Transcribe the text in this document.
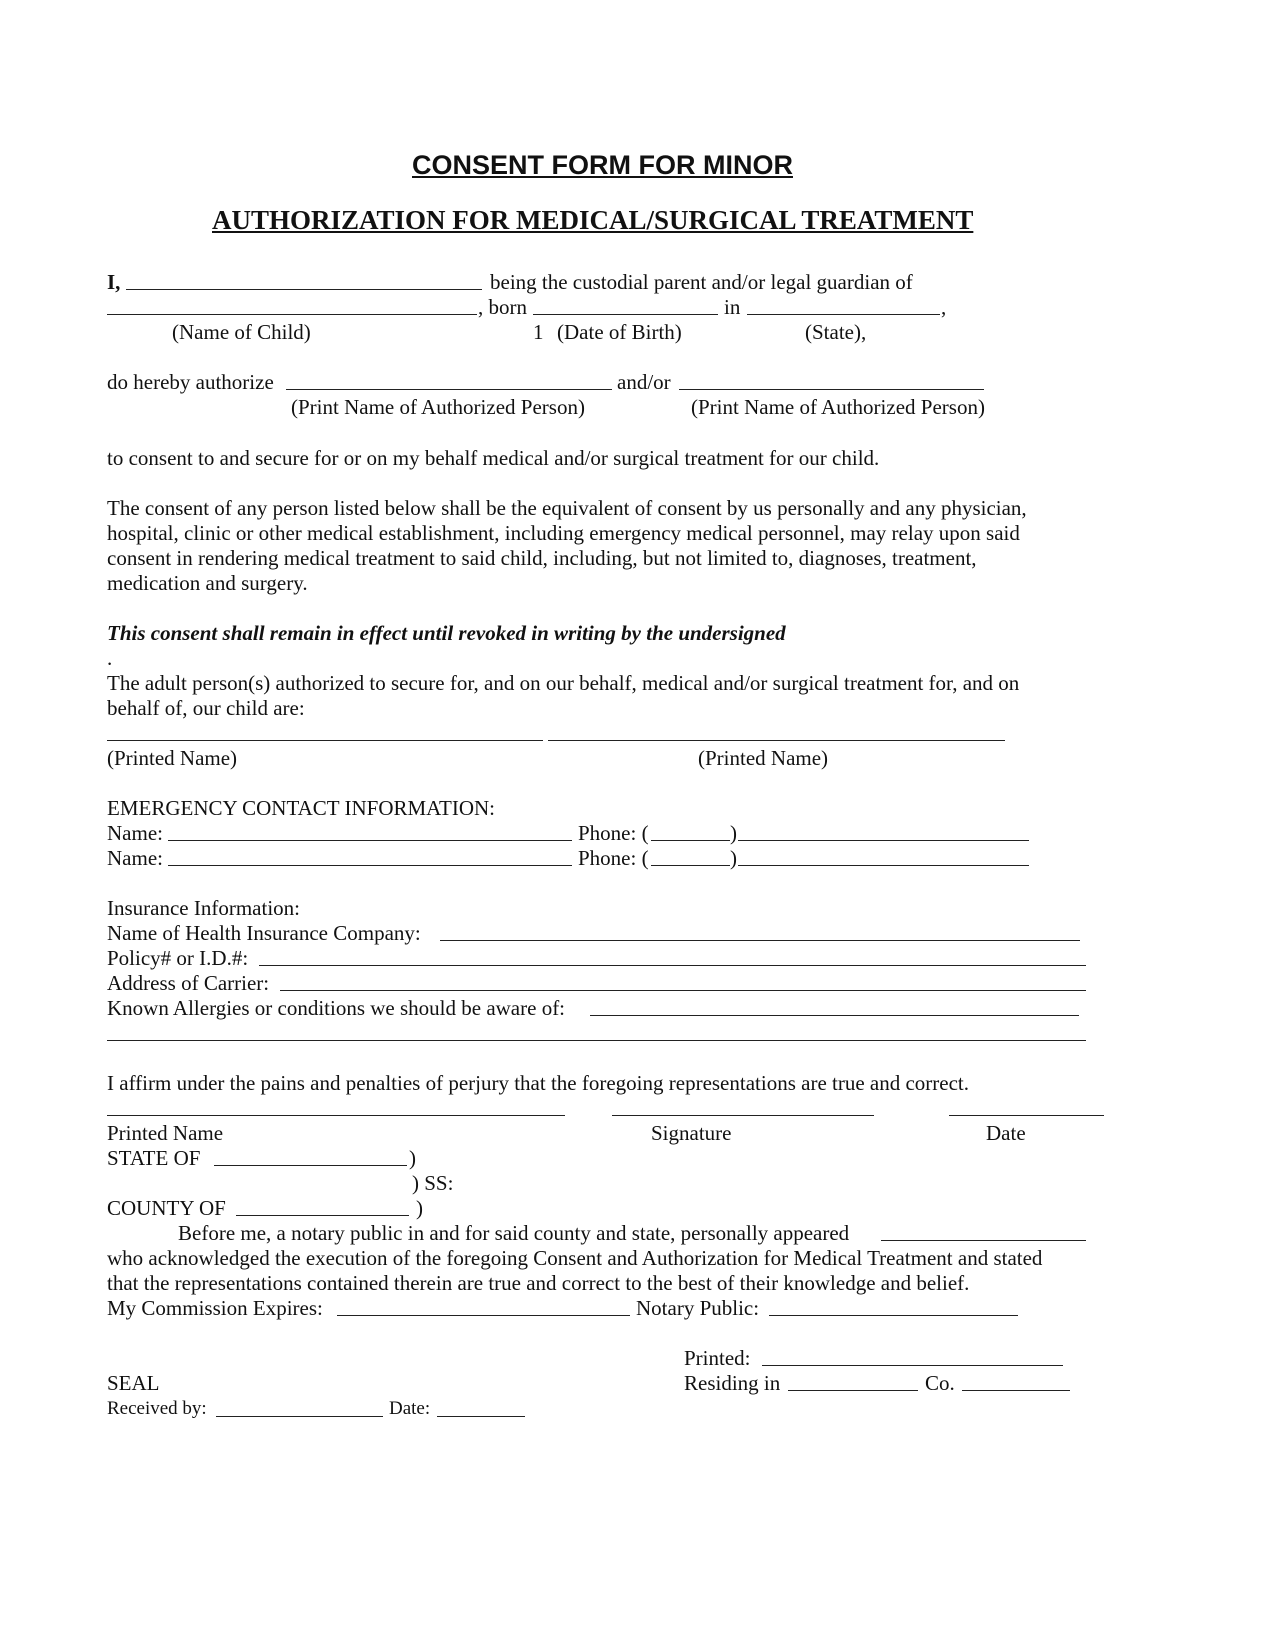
CONSENT FORM FOR MINOR
AUTHORIZATION FOR MEDICAL/SURGICAL TREATMENT
I,	being the custodial parent and/or legal guardian of
, born	in	,
(Name of Child)	1 (Date of Birth)	(State),
do hereby authorize	and/or
(Print Name of Authorized Person)	(Print Name of Authorized Person)
to consent to and secure for or on my behalf medical and/or surgical treatment for our child.
The consent of any person listed below shall be the equivalent of consent by us personally and any physician,
hospital, clinic or other medical establishment, including emergency medical personnel, may relay upon said
consent in rendering medical treatment to said child, including, but not limited to, diagnoses, treatment,
medication and surgery.
This consent shall remain in effect until revoked in writing by the undersigned
.
The adult person(s) authorized to secure for, and on our behalf, medical and/or surgical treatment for, and on
behalf of, our child are:
(Printed Name)	(Printed Name)
EMERGENCY CONTACT INFORMATION:
Name:	Phone: (	)
Name:	Phone: (	)
Insurance Information:
Name of Health Insurance Company:
Policy# or I.D.#:
Address of Carrier:
Known Allergies or conditions we should be aware of:
I affirm under the pains and penalties of perjury that the foregoing representations are true and correct.
Printed Name	Signature	Date
STATE OF	)
) SS:
COUNTY OF	)
Before me, a notary public in and for said county and state, personally appeared
who acknowledged the execution of the foregoing Consent and Authorization for Medical Treatment and stated
that the representations contained therein are true and correct to the best of their knowledge and belief.
My Commission Expires:	Notary Public:
Printed:
SEAL	Residing in	Co.
Received by:	Date:
